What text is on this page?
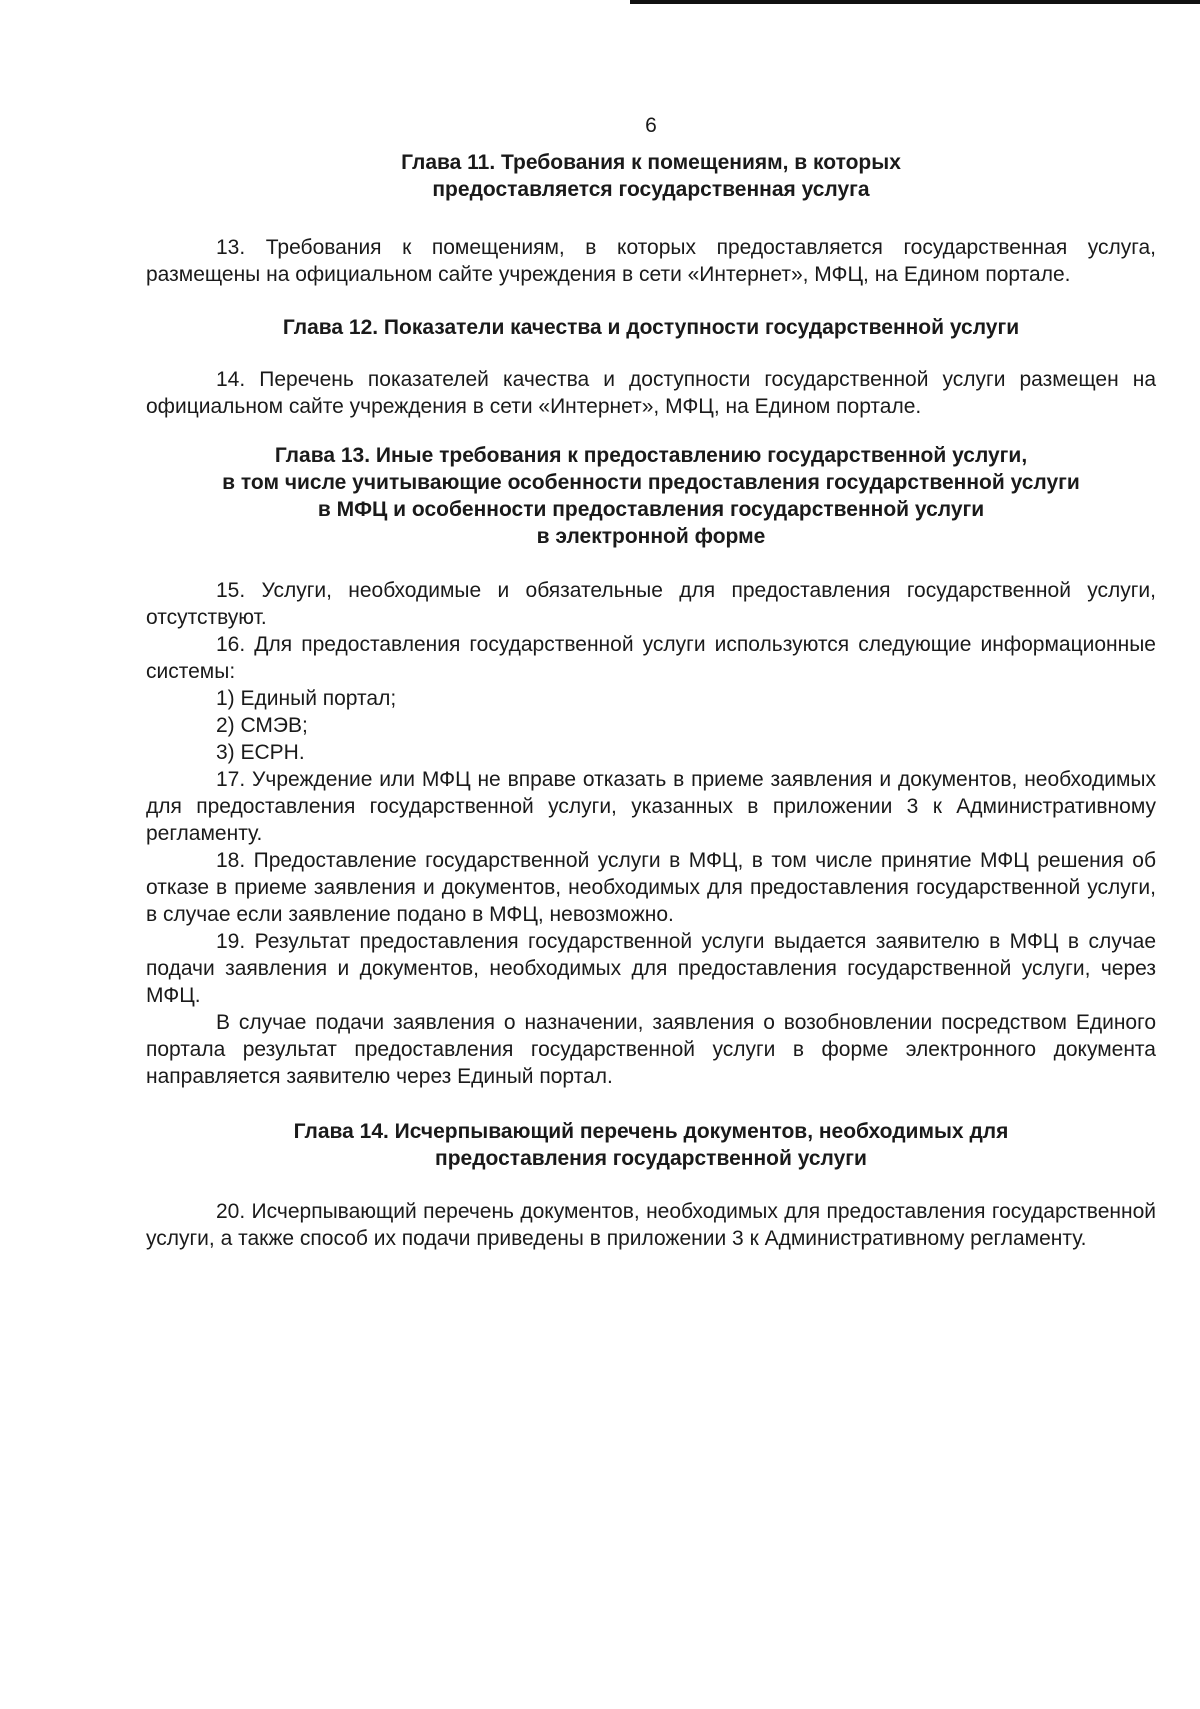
6
Глава 11. Требования к помещениям, в которых
предоставляется государственная услуга

13. Требования к помещениям, в которых предоставляется государственная услуга, размещены на официальном сайте учреждения в сети «Интернет», МФЦ, на Едином портале.

Глава 12. Показатели качества и доступности государственной услуги

14. Перечень показателей качества и доступности государственной услуги размещен на официальном сайте учреждения в сети «Интернет», МФЦ, на Едином портале.

Глава 13. Иные требования к предоставлению государственной услуги,
в том числе учитывающие особенности предоставления государственной услуги
в МФЦ и особенности предоставления государственной услуги
в электронной форме

15. Услуги, необходимые и обязательные для предоставления государственной услуги, отсутствуют.

16. Для предоставления государственной услуги используются следующие информационные системы:

1) Единый портал;

2) СМЭВ;

3) ЕСРН.

17. Учреждение или МФЦ не вправе отказать в приеме заявления и документов, необходимых для предоставления государственной услуги, указанных в приложении 3 к Административному регламенту.

18. Предоставление государственной услуги в МФЦ, в том числе принятие МФЦ решения об отказе в приеме заявления и документов, необходимых для предоставления государственной услуги, в случае если заявление подано в МФЦ, невозможно.

19. Результат предоставления государственной услуги выдается заявителю в МФЦ в случае подачи заявления и документов, необходимых для предоставления государственной услуги, через МФЦ.

В случае подачи заявления о назначении, заявления о возобновлении посредством Единого портала результат предоставления государственной услуги в форме электронного документа направляется заявителю через Единый портал.

Глава 14. Исчерпывающий перечень документов, необходимых для
предоставления государственной услуги

20. Исчерпывающий перечень документов, необходимых для предоставления государственной услуги, а также способ их подачи приведены в приложении 3 к Административному регламенту.
